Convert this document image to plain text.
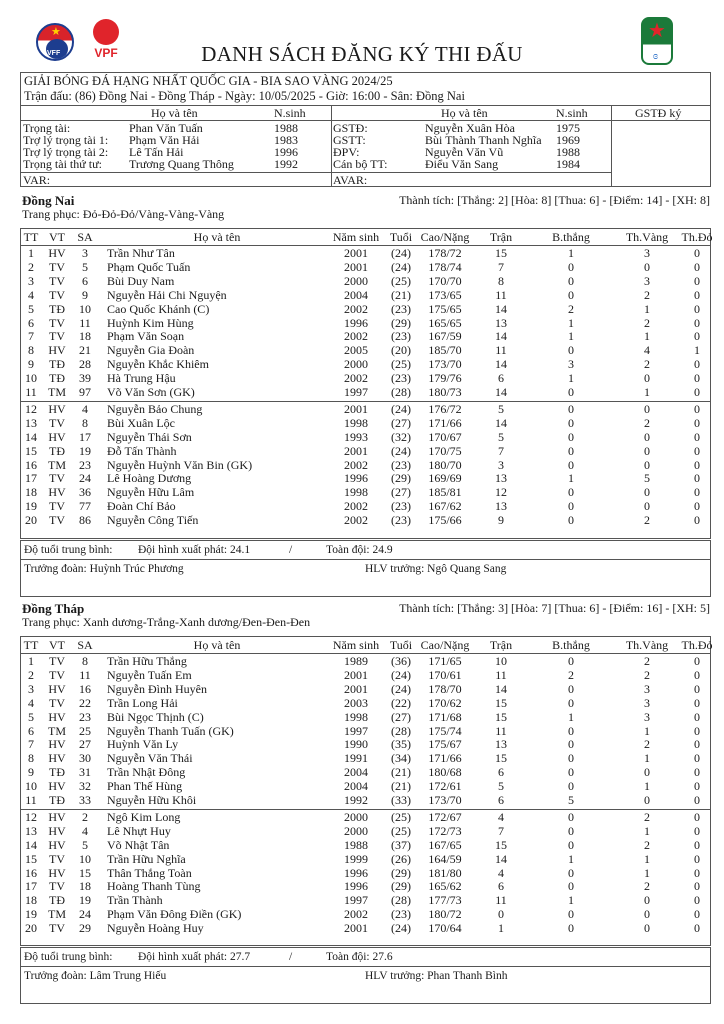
★
VFF	VPF
★
ɞ
DANH SÁCH ĐĂNG KÝ THI ĐẤU
GIẢI BÓNG ĐÁ HẠNG NHẤT QUỐC GIA - BIA SAO VÀNG 2024/25
Trận đấu: (86) Đồng Nai - Đồng Tháp - Ngày: 10/05/2025 - Giờ: 16:00 - Sân: Đồng Nai
Họ và tên	N.sinh	Họ và tên	N.sinh	GSTĐ ký
Trọng tài:	Phan Văn Tuấn	1988
Trợ lý trọng tài 1: Phạm Văn Hải	1983
Trợ lý trọng tài 2: Lê Tấn Hải	1996
Trọng tài thứ tư: Trương Quang Thông	1992
GSTĐ:	Nguyễn Xuân Hòa	1975
GSTT:	Bùi Thành Thanh Nghĩa 1969
ĐPV:	Nguyễn Văn Vũ	1988
Cán bộ TT:	Điểu Văn Sang	1984
VAR:	AVAR:
Đồng Nai
Trang phục: Đỏ-Đỏ-Đỏ/Vàng-Vàng-Vàng
Thành tích: [Thắng: 2] [Hòa: 8] [Thua: 6] - [Điểm: 14] - [XH: 8]
TT VT	SA	Họ và tên	Năm sinh Tuổi Cao/Nặng	Trận	B.thắng	Th.Vàng	Th.Đỏ
1	HV	3	Trần Như Tân	2001	(24)	178/72	15	1	3	0
2	TV	5	Phạm Quốc Tuấn	2001	(24)	178/74	7	0	0	0
3	TV	6	Bùi Duy Nam	2000	(25)	170/70	8	0	3	0
4	TV	9	Nguyễn Hải Chi Nguyện	2004	(21)	173/65	11	0	2	0
5	TĐ	10	Cao Quốc Khánh (C)	2002	(23)	175/65	14	2	1	0
6	TV	11	Huỳnh Kim Hùng	1996	(29)	165/65	13	1	2	0
7	TV	18	Phạm Văn Soạn	2002	(23)	167/59	14	1	1	0
8	HV	21	Nguyễn Gia Đoàn	2005	(20)	185/70	11	0	4	1
9	TĐ	28	Nguyễn Khắc Khiêm	2000	(25)	173/70	14	3	2	0
10	TĐ	39	Hà Trung Hậu	2002	(23)	179/76	6	1	0	0
11 TM	97	Võ Văn Sơn (GK)	1997	(28)	180/73	14	0	1	0
12 HV	4	Nguyễn Bảo Chung	2001	(24)	176/72	5	0	0	0
13	TV	8	Bùi Xuân Lộc	1998	(27)	171/66	14	0	2	0
14 HV	17	Nguyễn Thái Sơn	1993	(32)	170/67	5	0	0	0
15	TĐ	19	Đỗ Tấn Thành	2001	(24)	170/75	7	0	0	0
16 TM	23	Nguyễn Huỳnh Văn Bin (GK)	2002	(23)	180/70	3	0	0	0
17	TV	24	Lê Hoàng Dương	1996	(29)	169/69	13	1	5	0
18 HV	36	Nguyễn Hữu Lâm	1998	(27)	185/81	12	0	0	0
19	TV	77	Đoàn Chí Bảo	2002	(23)	167/62	13	0	0	0
20	TV	86	Nguyễn Công Tiến	2002	(23)	175/66	9	0	2	0
Độ tuổi trung bình: Đội hình xuất phát: 24.1	/	Toàn đội: 24.9
Trưởng đoàn: Huỳnh Trúc Phương	HLV trưởng: Ngô Quang Sang
Đồng Tháp
Trang phục: Xanh dương-Trắng-Xanh dương/Đen-Đen-Đen
Thành tích: [Thắng: 3] [Hòa: 7] [Thua: 6] - [Điểm: 16] - [XH: 5]
TT VT	SA	Họ và tên	Năm sinh Tuổi Cao/Nặng	Trận	B.thắng	Th.Vàng	Th.Đỏ
1	TV	8	Trần Hữu Thắng	1989	(36)	171/65	10	0	2	0
2	TV	11	Nguyễn Tuấn Em	2001	(24)	170/61	11	2	2	0
3	HV	16	Nguyễn Đình Huyên	2001	(24)	178/70	14	0	3	0
4	TV	22	Trần Long Hải	2003	(22)	170/62	15	0	3	0
5	HV	23	Bùi Ngọc Thịnh (C)	1998	(27)	171/68	15	1	3	0
6	TM	25	Nguyễn Thanh Tuấn (GK)	1997	(28)	175/74	11	0	1	0
7	HV	27	Huỳnh Văn Ly	1990	(35)	175/67	13	0	2	0
8	HV	30	Nguyễn Văn Thái	1991	(34)	171/66	15	0	1	0
9	TĐ	31	Trần Nhật Đông	2004	(21)	180/68	6	0	0	0
10 HV	32	Phan Thế Hùng	2004	(21)	172/61	5	0	1	0
11	TĐ	33	Nguyễn Hữu Khôi	1992	(33)	173/70	6	5	0	0
12 HV	2	Ngô Kim Long	2000	(25)	172/67	4	0	2	0
13 HV	4	Lê Nhựt Huy	2000	(25)	172/73	7	0	1	0
14 HV	5	Võ Nhật Tân	1988	(37)	167/65	15	0	2	0
15	TV	10	Trần Hữu Nghĩa	1999	(26)	164/59	14	1	1	0
16 HV	15	Thân Thắng Toàn	1996	(29)	181/80	4	0	1	0
17	TV	18	Hoàng Thanh Tùng	1996	(29)	165/62	6	0	2	0
18	TĐ	19	Trần Thành	1997	(28)	177/73	11	1	0	0
19 TM	24	Phạm Văn Đông Điền (GK)	2002	(23)	180/72	0	0	0	0
20	TV	29	Nguyễn Hoàng Huy	2001	(24)	170/64	1	0	0	0
Độ tuổi trung bình: Đội hình xuất phát: 27.7	/	Toàn đội: 27.6
Trưởng đoàn: Lâm Trung Hiếu	HLV trưởng: Phan Thanh Bình
